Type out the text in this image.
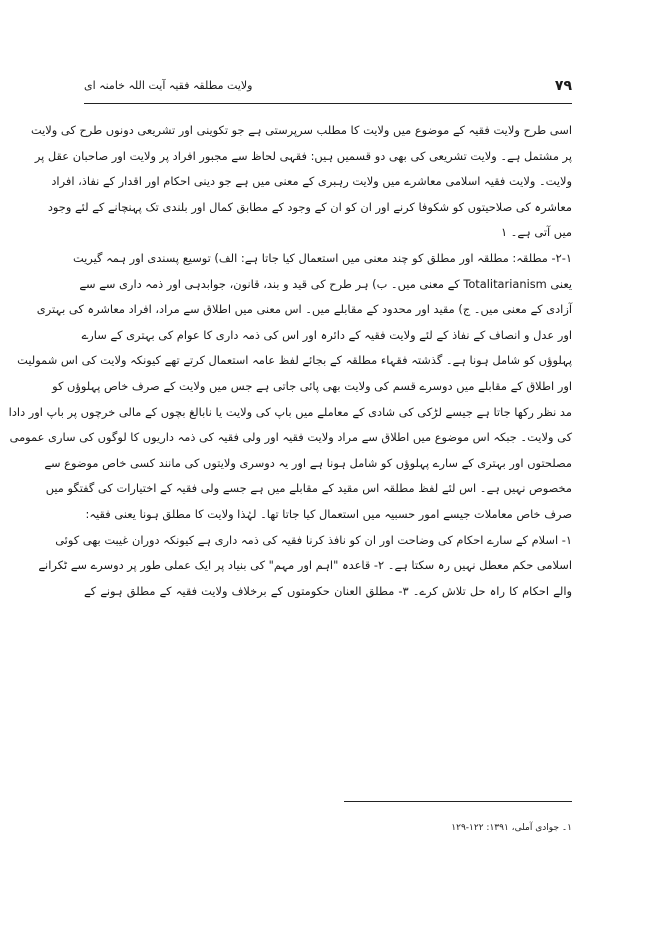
۷۹
ولایت مطلقہ فقیہ آیت اللہ خامنہ ای
اسی طرح ولایت فقیہ کے موضوع میں ولایت کا مطلب سرپرستی ہے جو تکوینی اور تشریعی دونوں طرح کی ولایت
پر مشتمل ہے۔ ولایت تشریعی کی بھی دو قسمیں ہیں: فقہی لحاظ سے مجبور افراد پر ولایت اور صاحبان عقل پر
ولایت۔ ولایت فقیہ اسلامی معاشرے میں ولایت رہبری کے معنی میں ہے جو دینی احکام اور اقدار کے نفاذ، افراد
معاشرہ کی صلاحیتوں کو شکوفا کرنے اور ان کو ان کے وجود کے مطابق کمال اور بلندی تک پہنچانے کے لئے وجود
میں آتی ہے۔ ۱
۲-۱- مطلقہ: مطلقہ اور مطلق کو چند معنی میں استعمال کیا جاتا ہے: الف) توسیع پسندی اور ہمہ گیریت
یعنی Totalitarianism کے معنی میں۔ ب) ہر طرح کی قید و بند، قانون، جوابدہی اور ذمہ داری سے سے
آزادی کے معنی میں۔ ج) مقید اور محدود کے مقابلے میں۔ اس معنی میں اطلاق سے مراد، افراد معاشرہ کی بہتری
اور عدل و انصاف کے نفاذ کے لئے ولایت فقیہ کے دائرہ اور اس کی ذمہ داری کا عوام کی بہتری کے سارے
پہلوؤں کو شامل ہونا ہے۔ گذشتہ فقہاء مطلقہ کے بجائے لفظ عامہ استعمال کرتے تھے کیونکہ ولایت کی اس شمولیت
اور اطلاق کے مقابلے میں دوسرے قسم کی ولایت بھی پائی جاتی ہے جس میں ولایت کے صرف خاص پہلوؤں کو
مد نظر رکھا جاتا ہے جیسے لڑکی کی شادی کے معاملے میں باپ کی ولایت یا نابالغ بچوں کے مالی خرچوں پر باپ اور دادا
کی ولایت۔ جبکہ اس موضوع میں اطلاق سے مراد ولایت فقیہ اور ولی فقیہ کی ذمہ داریوں کا لوگوں کی ساری عمومی
مصلحتوں اور بہتری کے سارے پہلوؤں کو شامل ہونا ہے اور یہ دوسری ولایتوں کی مانند کسی خاص موضوع سے
مخصوص نہیں ہے۔ اس لئے لفظ مطلقہ اس مقید کے مقابلے میں ہے جسے ولی فقیہ کے اختیارات کی گفتگو میں
صرف خاص معاملات جیسے امور حسبیہ میں استعمال کیا جاتا تھا۔ لہٰذا ولایت کا مطلق ہونا یعنی فقیہ:
۱- اسلام کے سارے احکام کی وضاحت اور ان کو نافذ کرنا فقیہ کی ذمہ داری ہے کیونکہ دوران غیبت بھی کوئی
اسلامی حکم معطل نہیں رہ سکتا ہے۔ ۲- قاعدہ "اہم اور مہم" کی بنیاد پر ایک عملی طور پر دوسرے سے ٹکرانے
والے احکام کا راہ حل تلاش کرے۔ ۳- مطلق العنان حکومتوں کے برخلاف ولایت فقیہ کے مطلق ہونے کے
۱۔ جوادی آملی، ۱۳۹۱: ۱۲۲-۱۲۹
